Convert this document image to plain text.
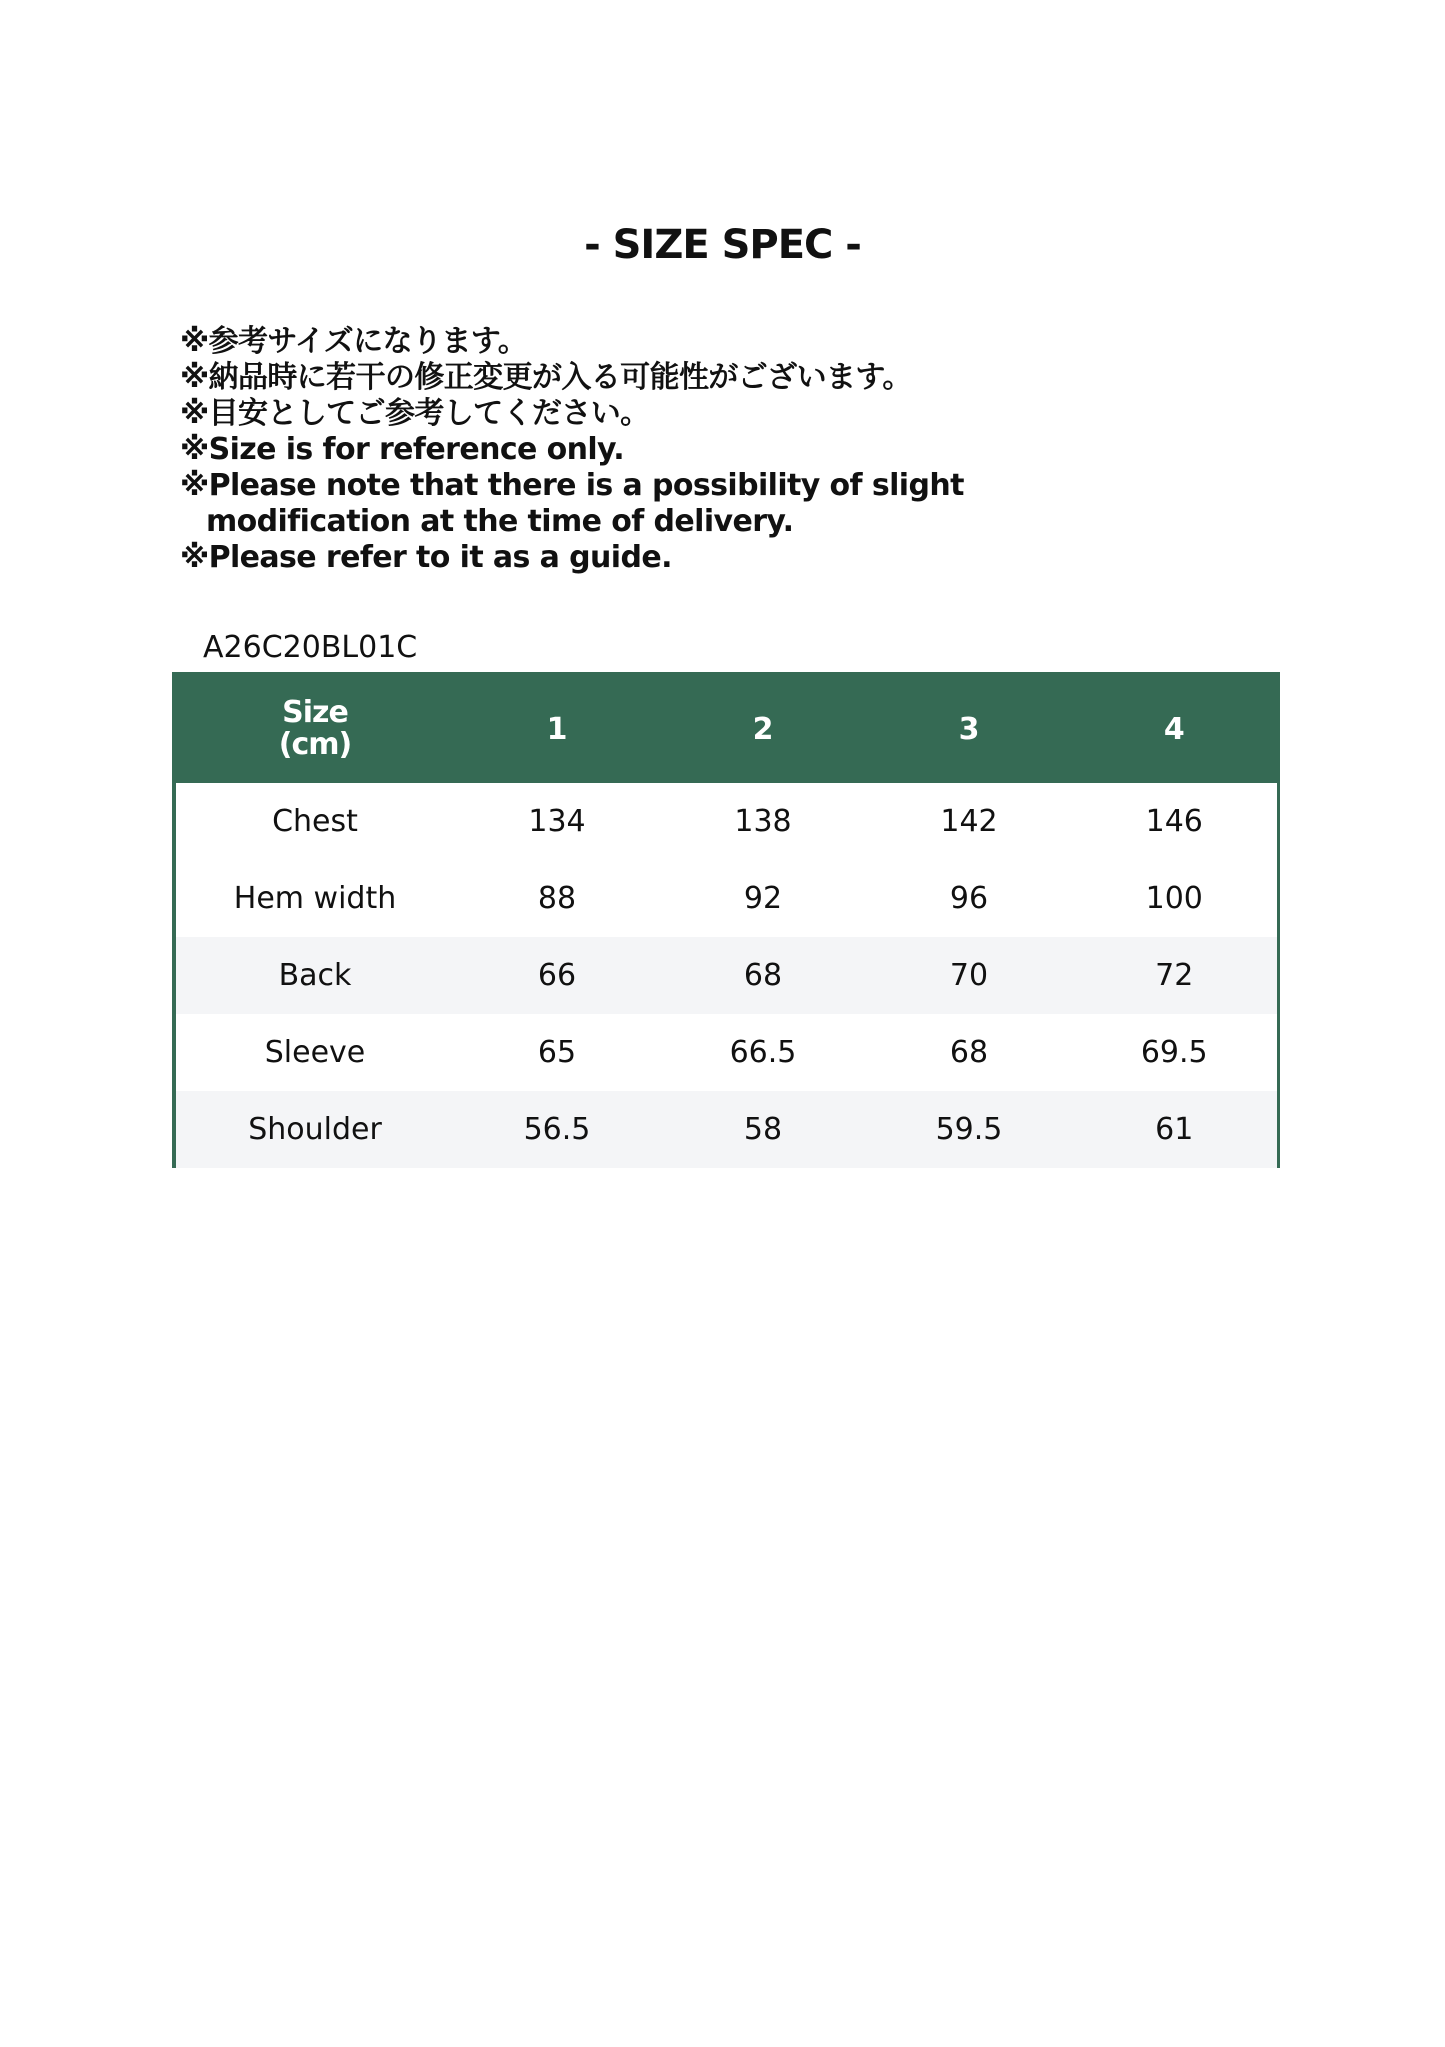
- SIZE SPEC -
※参考サイズになります。
※納品時に若干の修正変更が入る可能性がございます。
※目安としてご参考してください。
※Size is for reference only.
※Please note that there is a possibility of slight
modification at the time of delivery.
※Please refer to it as a guide.
A26C20BL01C
Size
(cm)	1	2	3	4
Chest	134	138	142	146
Hem width	88	92	96	100
Back	66	68	70	72
Sleeve	65	66.5	68	69.5
Shoulder	56.5	58	59.5	61
